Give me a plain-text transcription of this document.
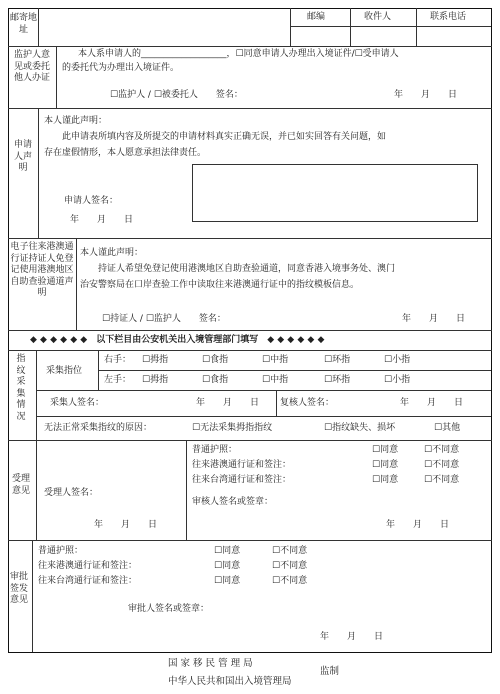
邮寄地址
邮编	收件人	联系电话
监护人意见或委托他人办证
本人系申请人的___________________，☐同意申请人办理出入境证件/☐受申请人
的委托代为办理出入境证件。
☐监护人 / ☐被委托人　　签名：	年　　月　　日
申请人声明
本人谨此声明：
此申请表所填内容及所提交的申请材料真实正确无误，并已如实回答有关问题，如
存在虚假情形，本人愿意承担法律责任。
申请人签名：
年　　月　　日
电子往来港澳通行证持证人免登记使用港澳地区自助查验通道声明
本人谨此声明：
持证人希望免登记使用港澳地区自助查验通道，同意香港入境事务处、澳门
治安警察局在口岸查验工作中读取往来港澳通行证中的指纹模板信息。
☐持证人 / ☐监护人　　签名：	年　　月　　日
◆ ◆ ◆ ◆ ◆ ◆　以下栏目由公安机关出入境管理部门填写　◆ ◆ ◆ ◆ ◆ ◆
指纹采集情况
采集指位
右手： ☐拇指	☐食指	☐中指	☐环指	☐小指
左手： ☐拇指	☐食指	☐中指	☐环指	☐小指
采集人签名：	年　　月　　日 复核人签名：	年　　月　　日
无法正常采集指纹的原因：	☐无法采集拇指指纹	☐指纹缺失、损坏	☐其他
受理意见 受理人签名：
年　　月　　日
普通护照：	☐同意	☐不同意
往来港澳通行证和签注：	☐同意	☐不同意
往来台湾通行证和签注：	☐同意	☐不同意
审核人签名或签章：
年　　月　　日
审批签发意见
普通护照：	☐同意	☐不同意
往来港澳通行证和签注：	☐同意	☐不同意
往来台湾通行证和签注：	☐同意	☐不同意
审批人签名或签章：
年　　月　　日
国 家 移 民 管 理 局
监制
中华人民共和国出入境管理局
